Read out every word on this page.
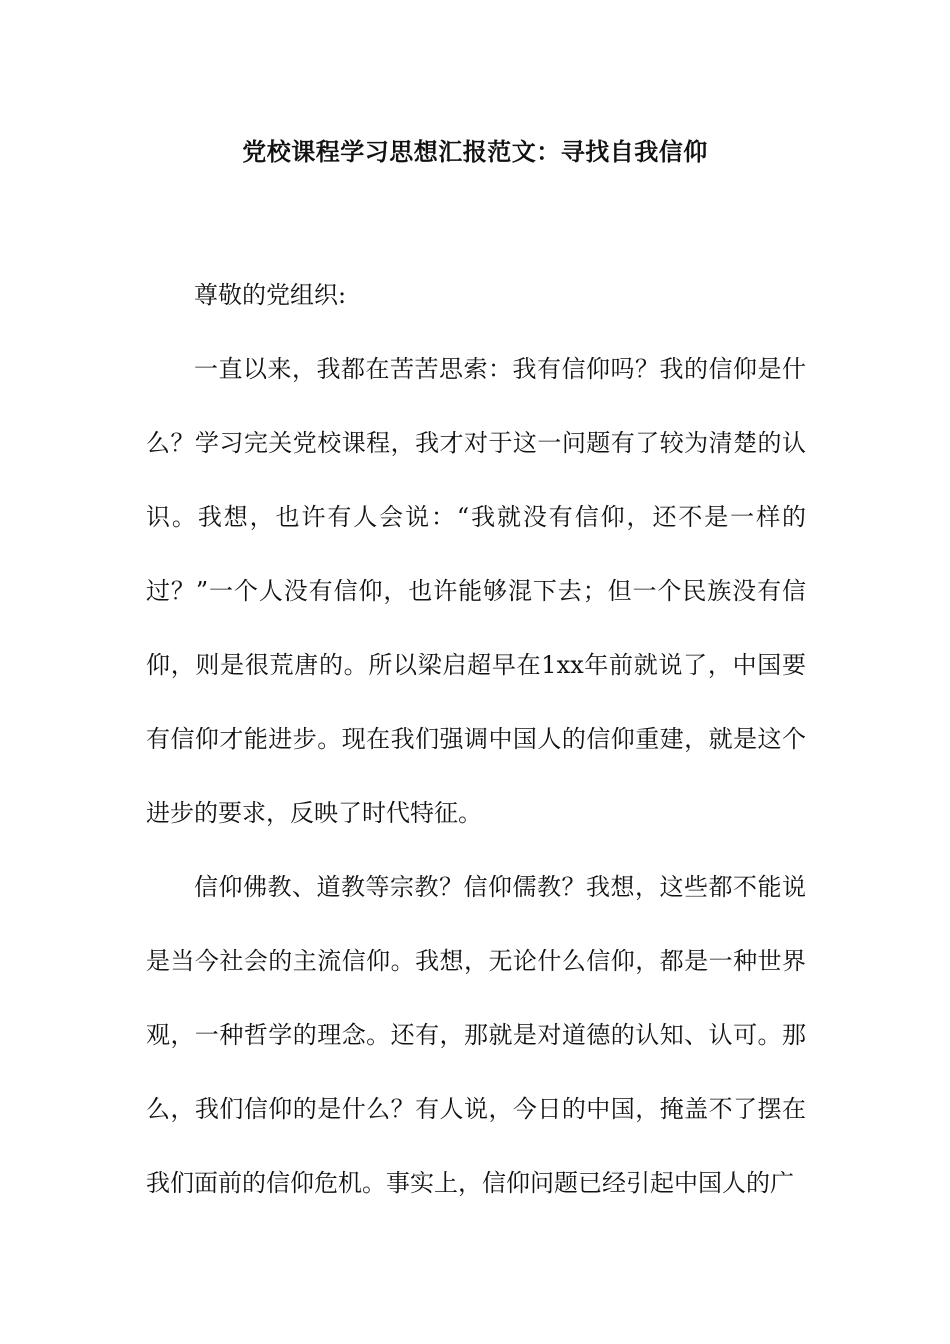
党校课程学习思想汇报范文：寻找自我信仰

尊敬的党组织:

一直以来，我都在苦苦思索：我有信仰吗？我的信仰是什么？学习完关党校课程，我才对于这一问题有了较为清楚的认识。我想，也许有人会说：“我就没有信仰，还不是一样的过？”一个人没有信仰，也许能够混下去；但一个民族没有信仰，则是很荒唐的。所以梁启超早在1xx年前就说了，中国要有信仰才能进步。现在我们强调中国人的信仰重建，就是这个进步的要求，反映了时代特征。

信仰佛教、道教等宗教？信仰儒教？我想，这些都不能说是当今社会的主流信仰。我想，无论什么信仰，都是一种世界观，一种哲学的理念。还有，那就是对道德的认知、认可。那么，我们信仰的是什么？有人说，今日的中国，掩盖不了摆在我们面前的信仰危机。事实上，信仰问题已经引起中国人的广
